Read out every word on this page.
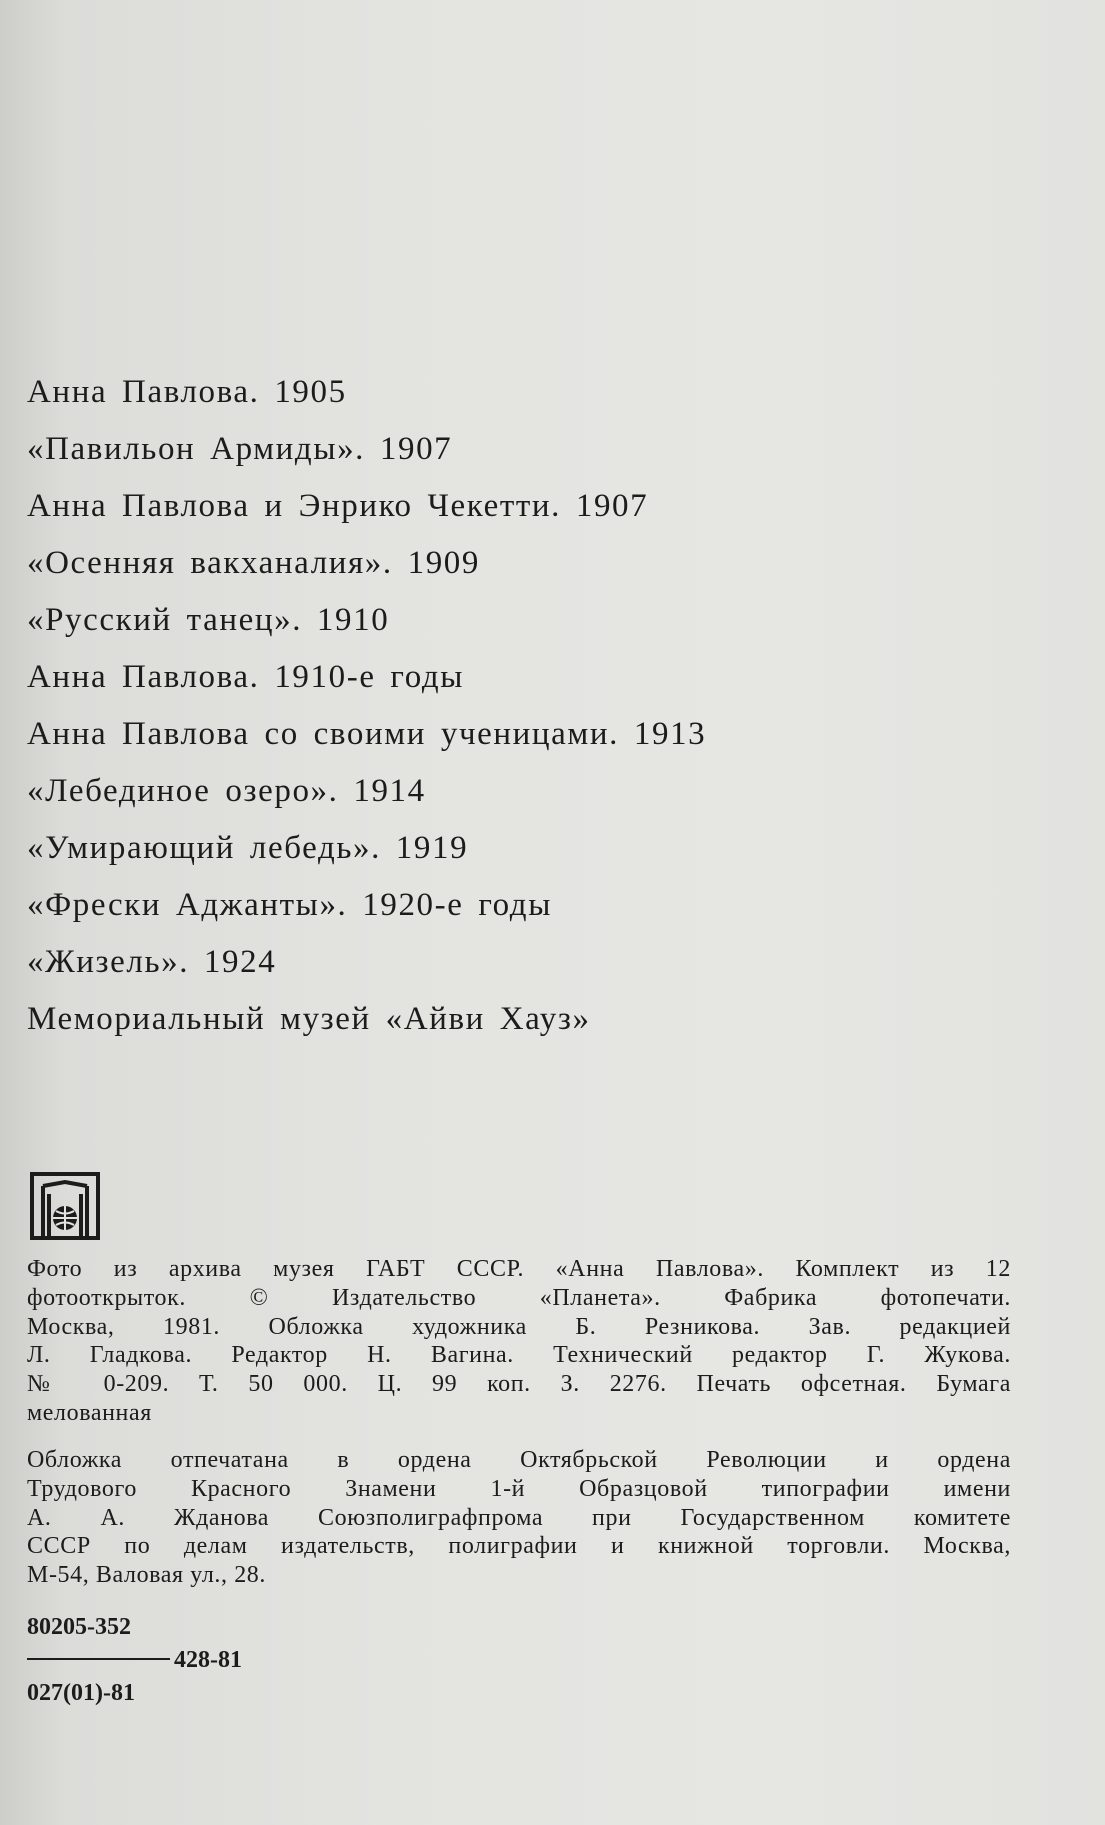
Анна Павлова. 1905
«Павильон Армиды». 1907
Анна Павлова и Энрико Чекетти. 1907
«Осенняя вакханалия». 1909
«Русский танец». 1910
Анна Павлова. 1910-е годы
Анна Павлова со своими ученицами. 1913
«Лебединое озеро». 1914
«Умирающий лебедь». 1919
«Фрески Аджанты». 1920-е годы
«Жизель». 1924
Мемориальный музей «Айви Хауз»
Фото из архива музея ГАБТ СССР. «Анна Павлова». Комплект из 12
фотооткрыток. © Издательство «Планета». Фабрика фотопечати.
Москва, 1981. Обложка художника Б. Резникова. Зав. редакцией
Л. Гладкова. Редактор Н. Вагина. Технический редактор Г. Жукова.
№ 0-209. Т. 50 000. Ц. 99 коп. З. 2276. Печать офсетная. Бумага
мелованная
Обложка отпечатана в ордена Октябрьской Революции и ордена
Трудового Красного Знамени 1-й Образцовой типографии имени
А. А. Жданова Союзполиграфпрома при Государственном комитете
СССР по делам издательств, полиграфии и книжной торговли. Москва,
М-54, Валовая ул., 28.
80205-352
428-81
027(01)-81
